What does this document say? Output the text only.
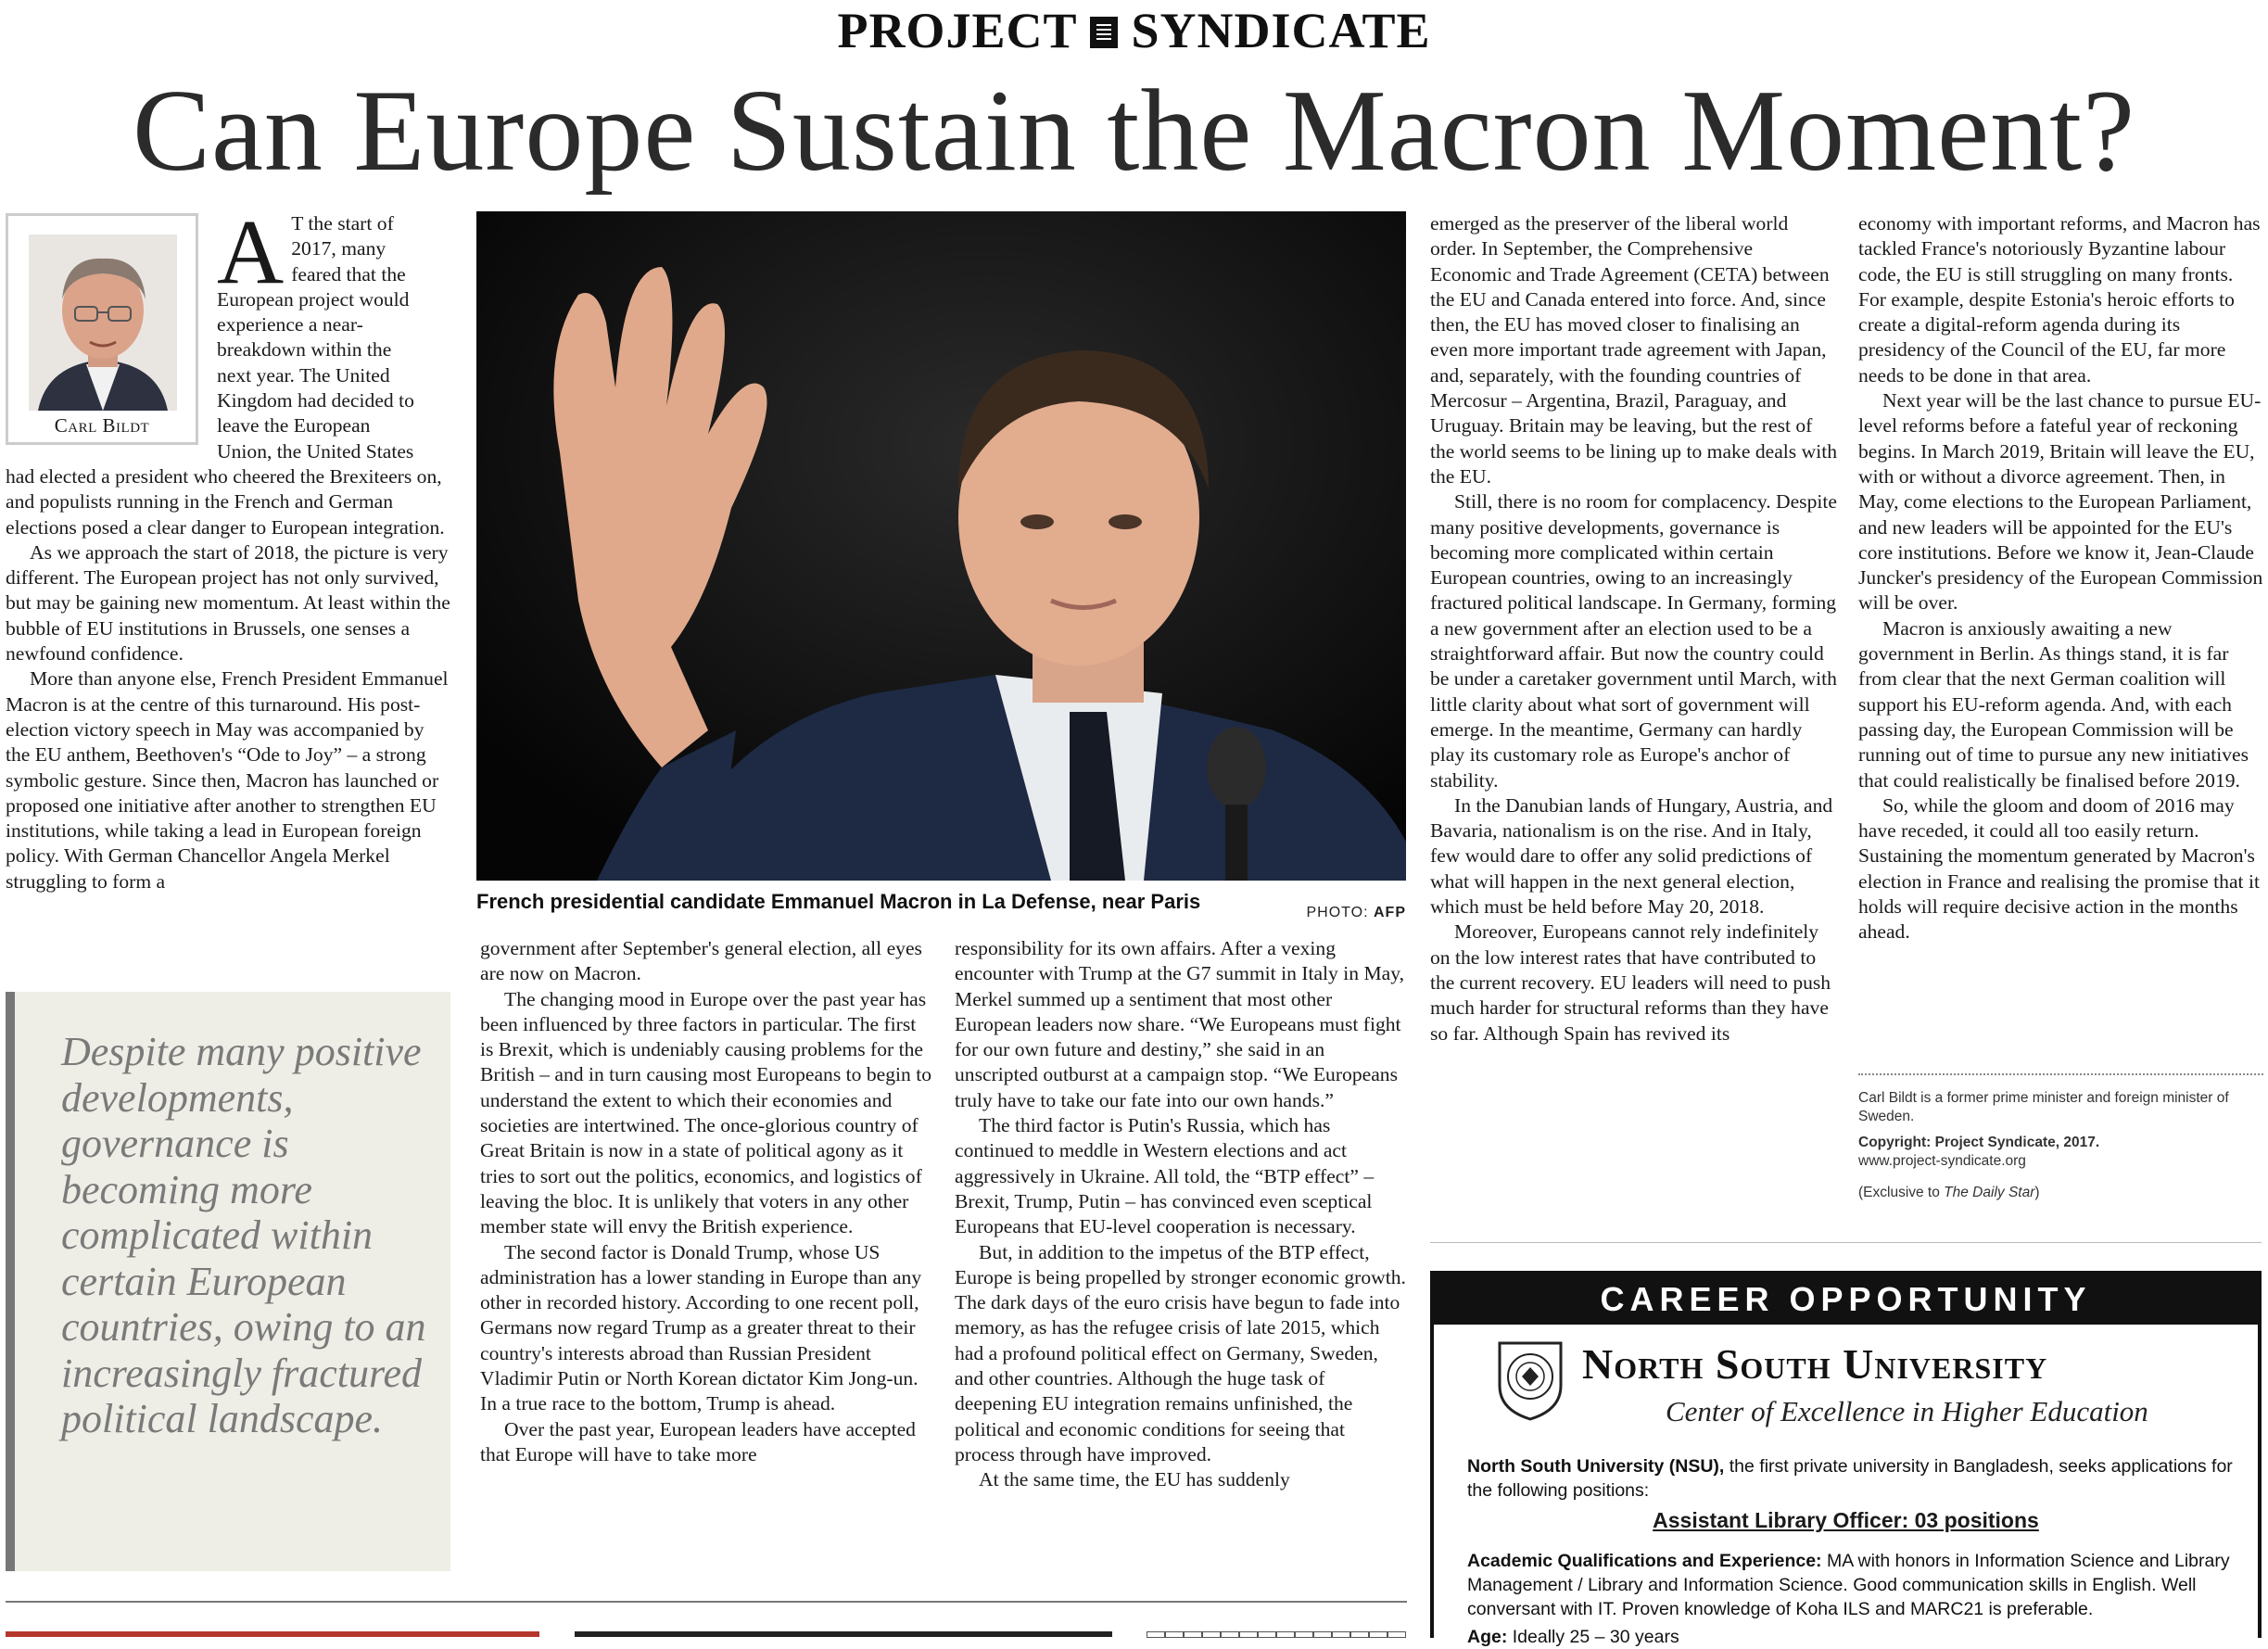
PROJECT SYNDICATE
Can Europe Sustain the Macron Moment?
Carl Bildt
A T the start of
2017, many
feared that the
European project would
experience a near-
breakdown within the
next year. The United
Kingdom had decided to
leave the European
Union, the United States

had elected a president who cheered the Brexiteers on, and populists running in the French and German elections posed a clear danger to European integration.

As we approach the start of 2018, the picture is very different. The European project has not only survived, but may be gaining new momentum. At least within the bubble of EU institutions in Brussels, one senses a newfound confidence.

More than anyone else, French President Emmanuel Macron is at the centre of this turnaround. His post-election victory speech in May was accompanied by the EU anthem, Beethoven's “Ode to Joy” – a strong symbolic gesture. Since then, Macron has launched or proposed one initiative after another to strengthen EU institutions, while taking a lead in European foreign policy. With German Chancellor Angela Merkel struggling to form a

Despite many positive developments, governance is becoming more complicated within certain European countries, owing to an increasingly fractured political landscape.
French presidential candidate Emmanuel Macron in La Defense, near Paris	PHOTO: AFP

government after September's general election, all eyes are now on Macron.

The changing mood in Europe over the past year has been influenced by three factors in particular. The first is Brexit, which is undeniably causing problems for the British – and in turn causing most Europeans to begin to understand the extent to which their economies and societies are intertwined. The once-glorious country of Great Britain is now in a state of political agony as it tries to sort out the politics, economics, and logistics of leaving the bloc. It is unlikely that voters in any other member state will envy the British experience.

The second factor is Donald Trump, whose US administration has a lower standing in Europe than any other in recorded history. According to one recent poll, Germans now regard Trump as a greater threat to their country's interests abroad than Russian President Vladimir Putin or North Korean dictator Kim Jong-un. In a true race to the bottom, Trump is ahead.

Over the past year, European leaders have accepted that Europe will have to take more

responsibility for its own affairs. After a vexing encounter with Trump at the G7 summit in Italy in May, Merkel summed up a sentiment that most other European leaders now share. “We Europeans must fight for our own future and destiny,” she said in an unscripted outburst at a campaign stop. “We Europeans truly have to take our fate into our own hands.”

The third factor is Putin's Russia, which has continued to meddle in Western elections and act aggressively in Ukraine. All told, the “BTP effect” – Brexit, Trump, Putin – has convinced even sceptical Europeans that EU-level cooperation is necessary.

But, in addition to the impetus of the BTP effect, Europe is being propelled by stronger economic growth. The dark days of the euro crisis have begun to fade into memory, as has the refugee crisis of late 2015, which had a profound political effect on Germany, Sweden, and other countries. Although the huge task of deepening EU integration remains unfinished, the political and economic conditions for seeing that process through have improved.

At the same time, the EU has suddenly

emerged as the preserver of the liberal world order. In September, the Comprehensive Economic and Trade Agreement (CETA) between the EU and Canada entered into force. And, since then, the EU has moved closer to finalising an even more important trade agreement with Japan, and, separately, with the founding countries of Mercosur – Argentina, Brazil, Paraguay, and Uruguay. Britain may be leaving, but the rest of the world seems to be lining up to make deals with the EU.

Still, there is no room for complacency. Despite many positive developments, governance is becoming more complicated within certain European countries, owing to an increasingly fractured political landscape. In Germany, forming a new government after an election used to be a straightforward affair. But now the country could be under a caretaker government until March, with little clarity about what sort of government will emerge. In the meantime, Germany can hardly play its customary role as Europe's anchor of stability.

In the Danubian lands of Hungary, Austria, and Bavaria, nationalism is on the rise. And in Italy, few would dare to offer any solid predictions of what will happen in the next general election, which must be held before May 20, 2018.

Moreover, Europeans cannot rely indefinitely on the low interest rates that have contributed to the current recovery. EU leaders will need to push much harder for structural reforms than they have so far. Although Spain has revived its

economy with important reforms, and Macron has tackled France's notoriously Byzantine labour code, the EU is still struggling on many fronts. For example, despite Estonia's heroic efforts to create a digital-reform agenda during its presidency of the Council of the EU, far more needs to be done in that area.

Next year will be the last chance to pursue EU-level reforms before a fateful year of reckoning begins. In March 2019, Britain will leave the EU, with or without a divorce agreement. Then, in May, come elections to the European Parliament, and new leaders will be appointed for the EU's core institutions. Before we know it, Jean-Claude Juncker's presidency of the European Commission will be over.

Macron is anxiously awaiting a new government in Berlin. As things stand, it is far from clear that the next German coalition will support his EU-reform agenda. And, with each passing day, the European Commission will be running out of time to pursue any new initiatives that could realistically be finalised before 2019.

So, while the gloom and doom of 2016 may have receded, it could all too easily return. Sustaining the momentum generated by Macron's election in France and realising the promise that it holds will require decisive action in the months ahead.

Carl Bildt is a former prime minister and foreign minister of Sweden.
Copyright: Project Syndicate, 2017.
www.project-syndicate.org
(Exclusive to The Daily Star)
CAREER OPPORTUNITY
North South University
Center of Excellence in Higher Education
North South University (NSU), the first private university in Bangladesh, seeks applications for the following positions:
Assistant Library Officer: 03 positions
Academic Qualifications and Experience: MA with honors in Information Science and Library Management / Library and Information Science. Good communication skills in English. Well conversant with IT. Proven knowledge of Koha ILS and MARC21 is preferable.
Age: Ideally 25 – 30 years
